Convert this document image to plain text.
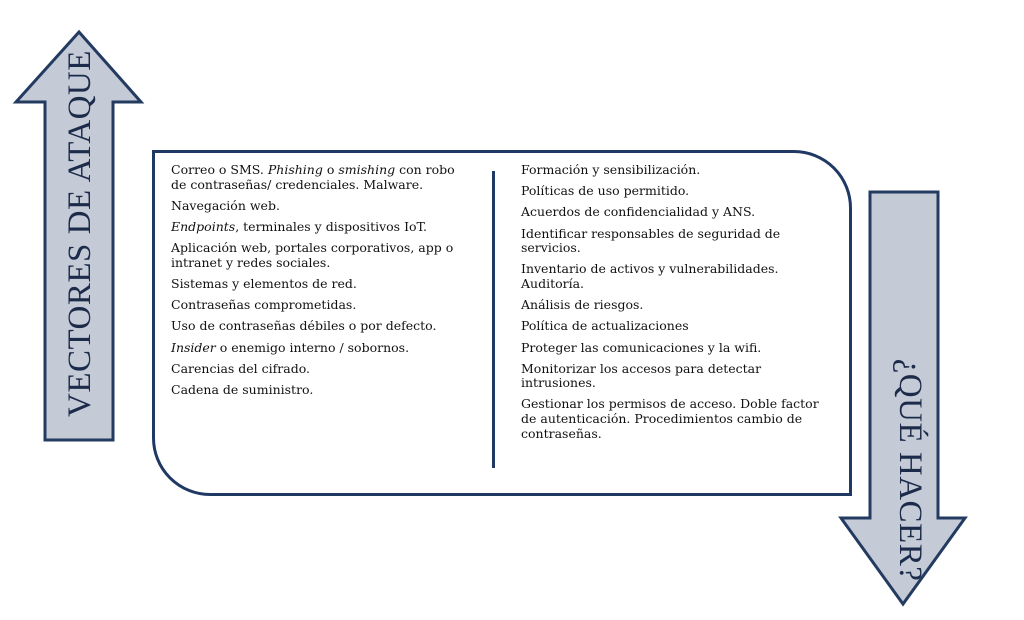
VECTORES DE ATAQUE
¿QUÉ HACER?
Correo o SMS. Phishing o smishing con robo de contraseñas/ credenciales. Malware.
Navegación web.
Endpoints, terminales y dispositivos IoT.
Aplicación web, portales corporativos, app o intranet y redes sociales.
Sistemas y elementos de red.
Contraseñas comprometidas.
Uso de contraseñas débiles o por defecto.
Insider o enemigo interno / sobornos.
Carencias del cifrado.
Cadena de suministro.
Formación y sensibilización.
Políticas de uso permitido.
Acuerdos de confidencialidad y ANS.
Identificar responsables de seguridad de servicios.
Inventario de activos y vulnerabilidades. Auditoría.
Análisis de riesgos.
Política de actualizaciones
Proteger las comunicaciones y la wifi.
Monitorizar los accesos para detectar intrusiones.
Gestionar los permisos de acceso. Doble factor de autenticación. Procedimientos cambio de contraseñas.
